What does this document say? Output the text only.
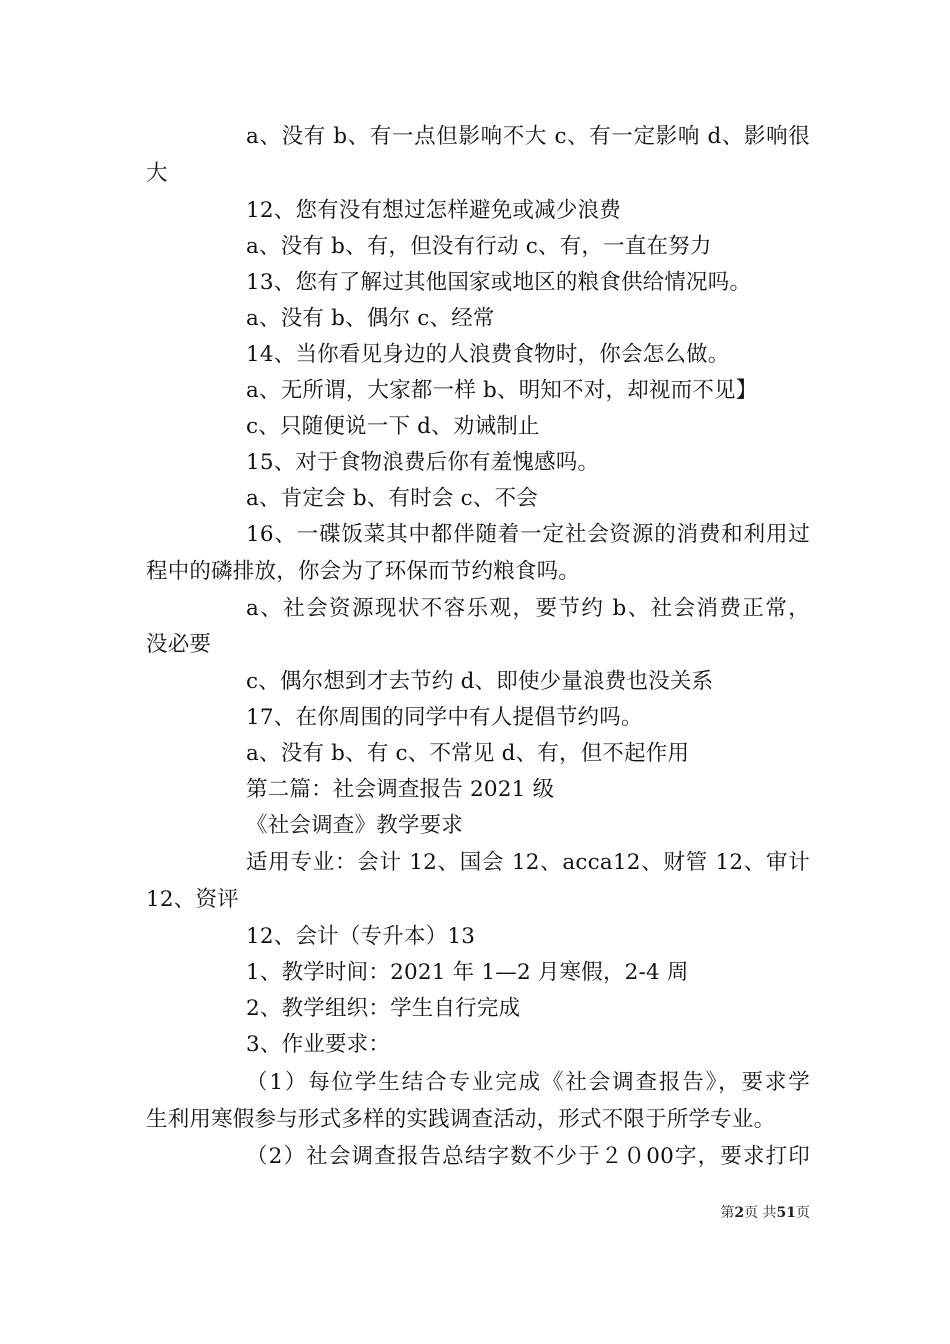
a、没有 b、有一点但影响不大 c、有一定影响 d、影响很
大
12、您有没有想过怎样避免或减少浪费
a、没有 b、有，但没有行动 c、有，一直在努力
13、您有了解过其他国家或地区的粮食供给情况吗。
a、没有 b、偶尔 c、经常
14、当你看见身边的人浪费食物时，你会怎么做。
a、无所谓，大家都一样 b、明知不对，却视而不见】
c、只随便说一下 d、劝诫制止
15、对于食物浪费后你有羞愧感吗。
a、肯定会 b、有时会 c、不会
16、一碟饭菜其中都伴随着一定社会资源的消费和利用过
程中的磷排放，你会为了环保而节约粮食吗。
a、社会资源现状不容乐观，要节约 b、社会消费正常，
没必要
c、偶尔想到才去节约 d、即使少量浪费也没关系
17、在你周围的同学中有人提倡节约吗。
a、没有 b、有 c、不常见 d、有，但不起作用
第二篇：社会调查报告 2021 级
《社会调查》教学要求
适用专业：会计 12、国会 12、acca12、财管 12、审计
12、资评
12、会计（专升本）13
1、教学时间：2021 年 1—2 月寒假，2-4 周
2、教学组织：学生自行完成
3、作业要求：
（1）每位学生结合专业完成《社会调查报告》，要求学
生利用寒假参与形式多样的实践调查活动，形式不限于所学专业。
（2）社会调查报告总结字数不少于２０00字，要求打印
第2页 共51页
